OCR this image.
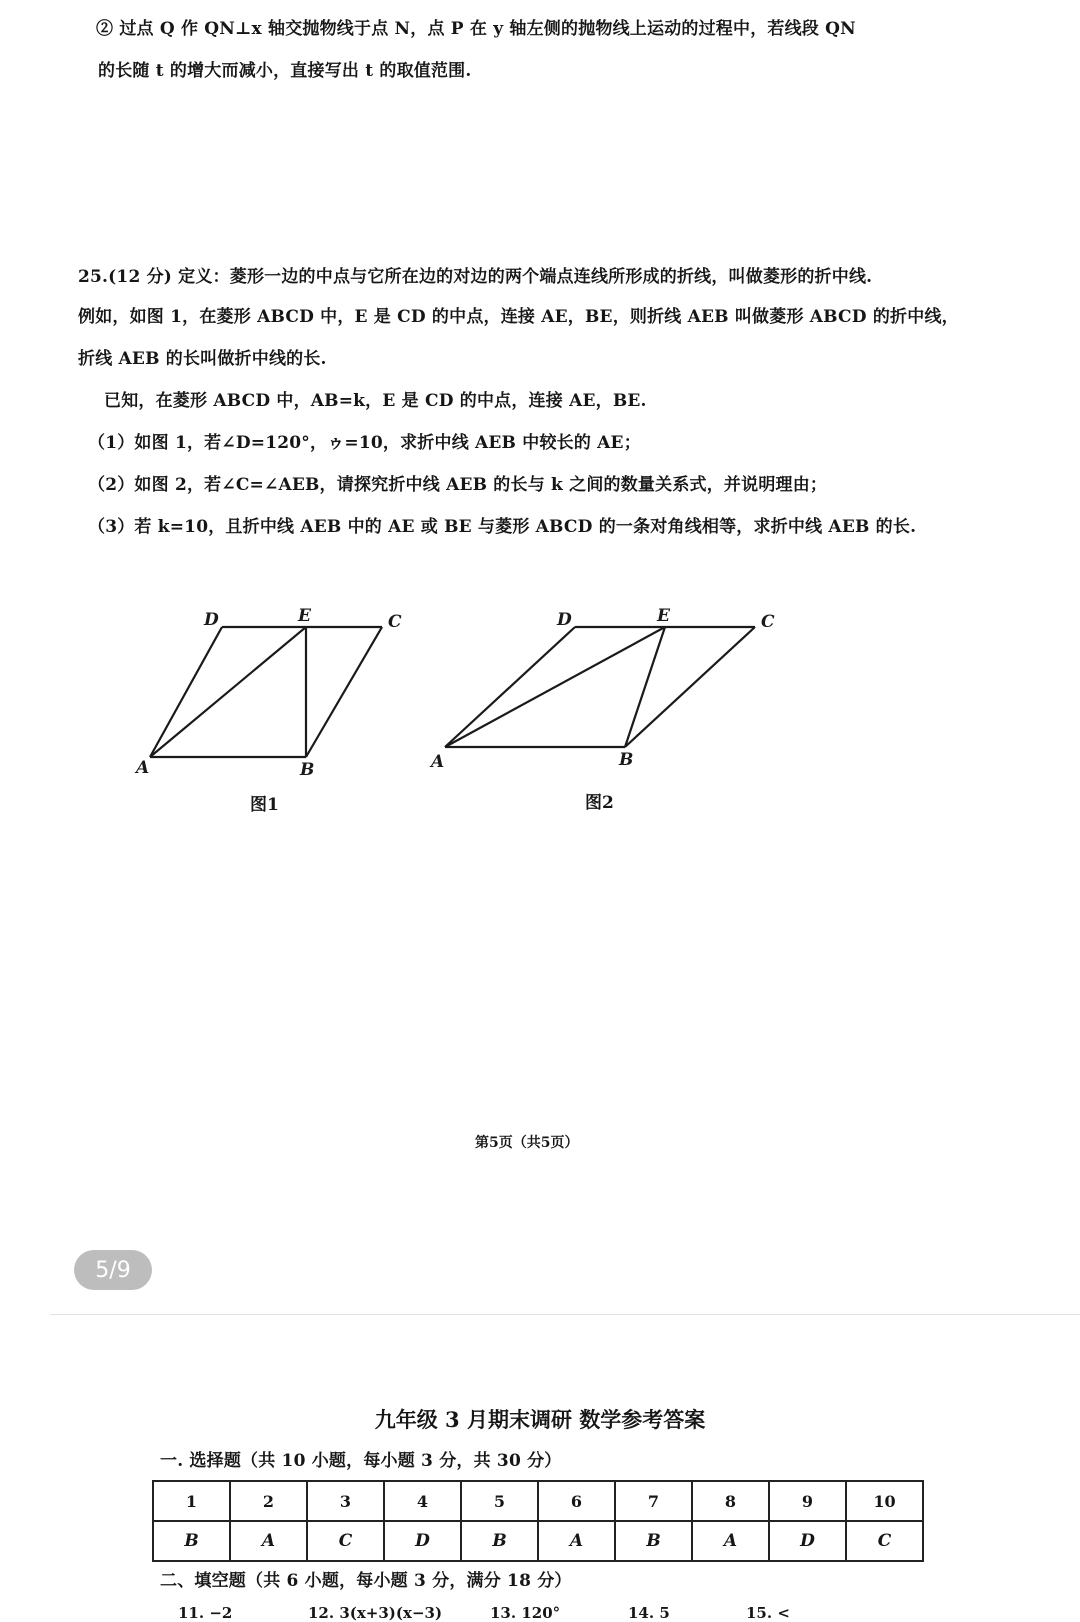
② 过点 Q 作 QN⊥x 轴交抛物线于点 N，点 P 在 y 轴左侧的抛物线上运动的过程中，若线段 QN
的长随 t 的增大而减小，直接写出 t 的取值范围.
25.(12 分) 定义：菱形一边的中点与它所在边的对边的两个端点连线所形成的折线，叫做菱形的折中线.
例如，如图 1，在菱形 ABCD 中，E 是 CD 的中点，连接 AE，BE，则折线 AEB 叫做菱形 ABCD 的折中线，
折线 AEB 的长叫做折中线的长.
已知，在菱形 ABCD 中，AB=k，E 是 CD 的中点，连接 AE，BE.
（1）如图 1，若∠D=120°，ゥ=10，求折中线 AEB 中较长的 AE；
（2）如图 2，若∠C=∠AEB，请探究折中线 AEB 的长与 k 之间的数量关系式，并说明理由；
（3）若 k=10，且折中线 AEB 中的 AE 或 BE 与菱形 ABCD 的一条对角线相等，求折中线 AEB 的长.
D	E	C
A	B
图1
D	E	C
A	B
图2
第5页（共5页）
5/9
九年级 3 月期末调研 数学参考答案
一. 选择题（共 10 小题，每小题 3 分，共 30 分）
1	2	3	4	5	6	7	8	9	10
B	A	C	D	B	A	B	A	D	C
二、填空题（共 6 小题，每小题 3 分，满分 18 分）
11. −2	12. 3(x+3)(x−3)	13. 120°	14. 5	15. <
